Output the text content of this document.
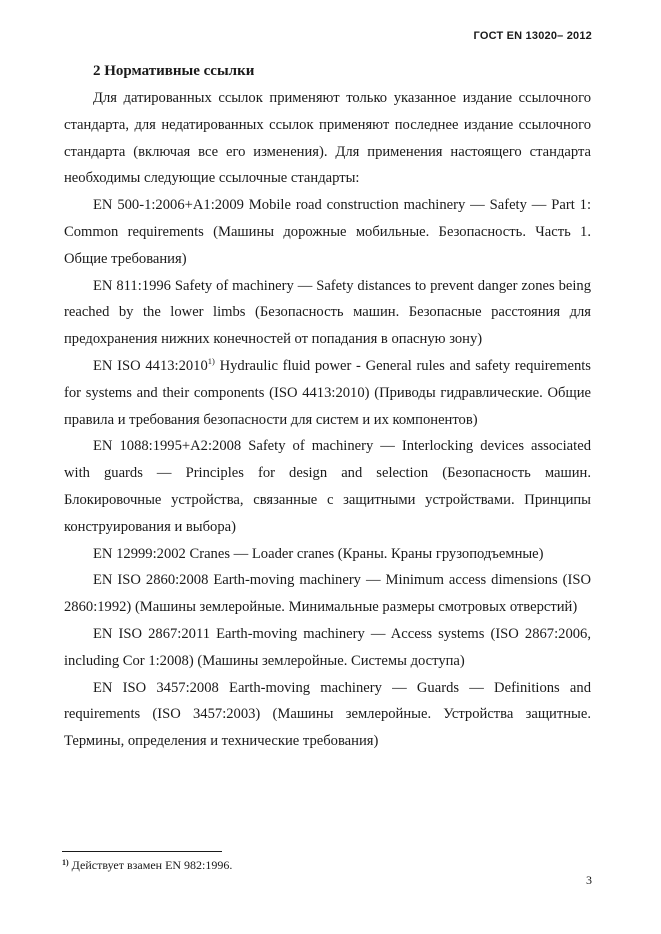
ГОСТ EN 13020– 2012
2 Нормативные ссылки

Для датированных ссылок применяют только указанное издание ссылочного стандарта, для недатированных ссылок применяют последнее издание ссылочного стандарта (включая все его изменения). Для применения настоящего стандарта необходимы следующие ссылочные стандарты:

EN 500-1:2006+A1:2009 Mobile road construction machinery — Safety — Part 1: Common requirements (Машины дорожные мобильные. Безопасность. Часть 1. Общие требования)

EN 811:1996 Safety of machinery — Safety distances to prevent danger zones being reached by the lower limbs (Безопасность машин. Безопасные расстояния для предохранения нижних конечностей от попадания в опасную зону)

EN ISO 4413:2010$^{1)}$ Hydraulic fluid power - General rules and safety requirements for systems and their components (ISO 4413:2010) (Приводы гидравлические. Общие правила и требования безопасности для систем и их компонентов)

EN 1088:1995+A2:2008 Safety of machinery — Interlocking devices associated with guards — Principles for design and selection (Безопасность машин. Блокировочные устройства, связанные с защитными устройствами. Принципы конструирования и выбора)

EN 12999:2002 Cranes — Loader cranes (Краны. Краны грузоподъемные)

EN ISO 2860:2008 Earth-moving machinery — Minimum access dimensions (ISO 2860:1992) (Машины землеройные. Минимальные размеры смотровых отверстий)

EN ISO 2867:2011 Earth-moving machinery — Access systems (ISO 2867:2006, including Cor 1:2008) (Машины землеройные. Системы доступа)

EN ISO 3457:2008 Earth-moving machinery — Guards — Definitions and requirements (ISO 3457:2003) (Машины землеройные. Устройства защитные. Термины, определения и технические требования)

$^{1)}$ Действует взамен EN 982:1996.
3
